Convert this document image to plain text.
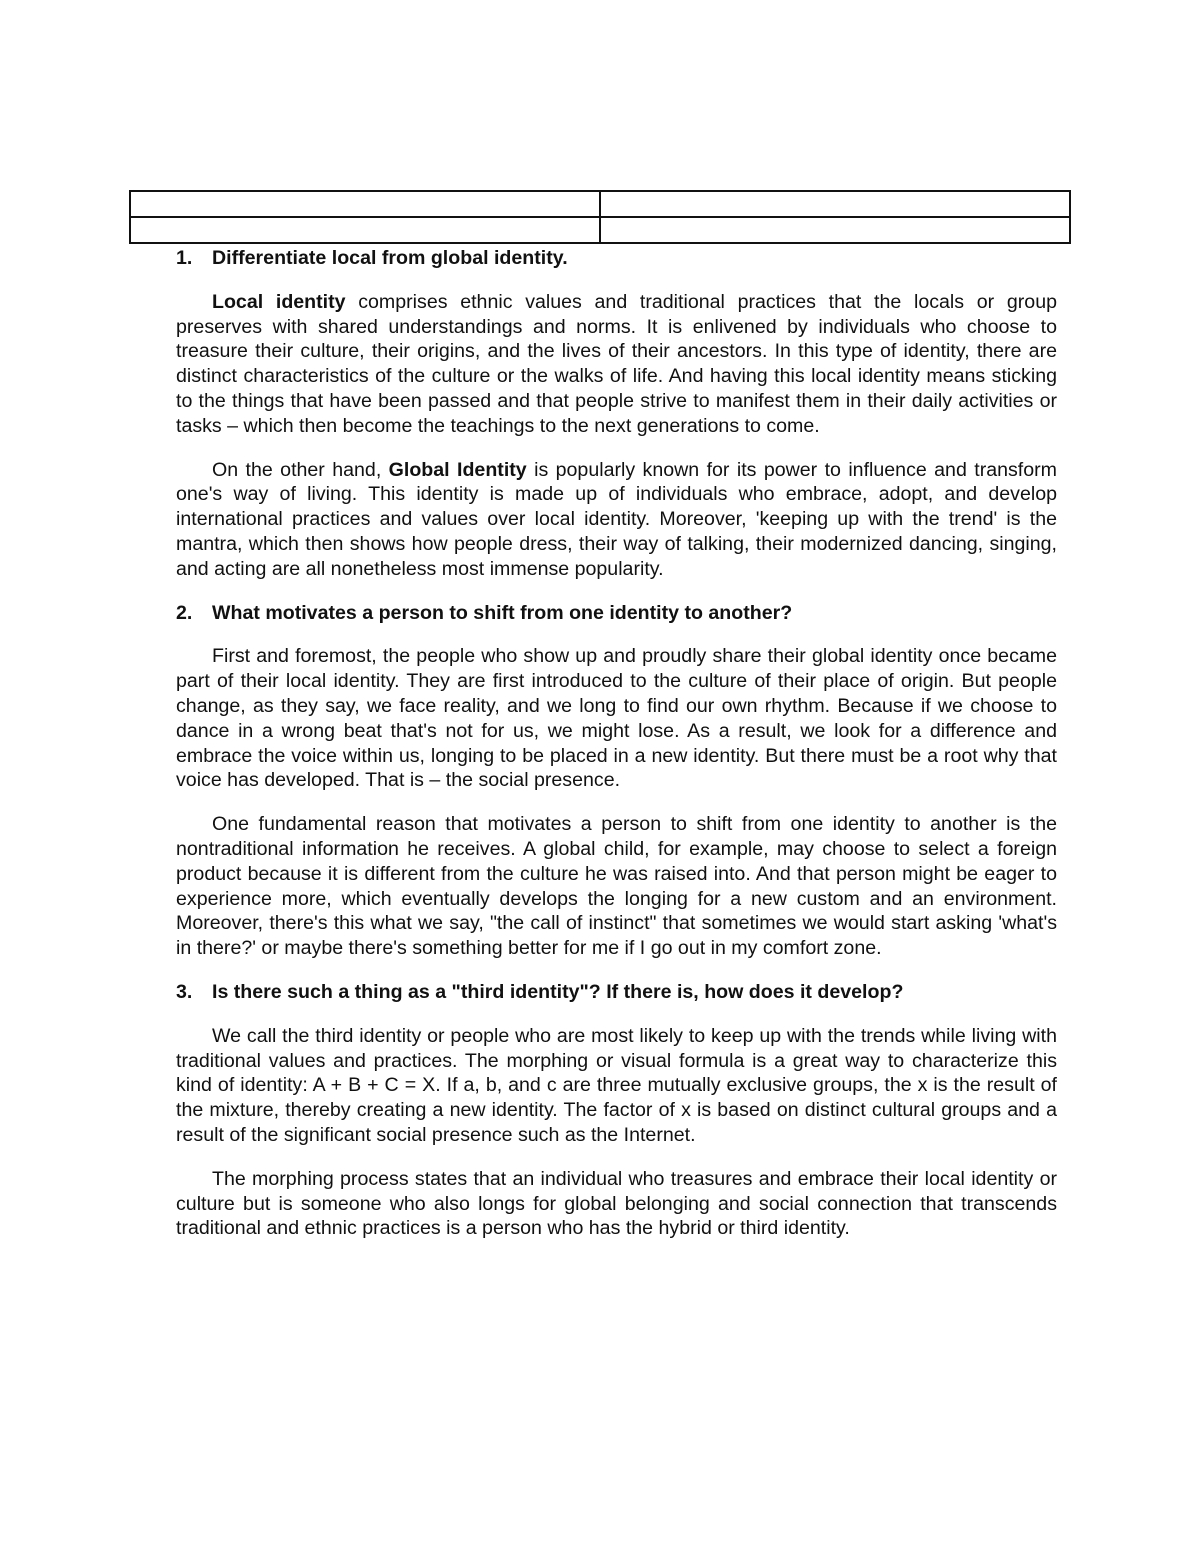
1.	Differentiate local from global identity.

Local identity comprises ethnic values and traditional practices that the locals or group preserves with shared understandings and norms. It is enlivened by individuals who choose to treasure their culture, their origins, and the lives of their ancestors. In this type of identity, there are distinct characteristics of the culture or the walks of life. And having this local identity means sticking to the things that have been passed and that people strive to manifest them in their daily activities or tasks – which then become the teachings to the next generations to come.

On the other hand, Global Identity is popularly known for its power to influence and transform one's way of living. This identity is made up of individuals who embrace, adopt, and develop international practices and values over local identity. Moreover, 'keeping up with the trend' is the mantra, which then shows how people dress, their way of talking, their modernized dancing, singing, and acting are all nonetheless most immense popularity.

2.	What motivates a person to shift from one identity to another?

First and foremost, the people who show up and proudly share their global identity once became part of their local identity. They are first introduced to the culture of their place of origin. But people change, as they say, we face reality, and we long to find our own rhythm. Because if we choose to dance in a wrong beat that's not for us, we might lose. As a result, we look for a difference and embrace the voice within us, longing to be placed in a new identity. But there must be a root why that voice has developed. That is – the social presence.

One fundamental reason that motivates a person to shift from one identity to another is the nontraditional information he receives. A global child, for example, may choose to select a foreign product because it is different from the culture he was raised into. And that person might be eager to experience more, which eventually develops the longing for a new custom and an environment. Moreover, there's this what we say, "the call of instinct" that sometimes we would start asking 'what's in there?' or maybe there's something better for me if I go out in my comfort zone.

3.	Is there such a thing as a "third identity"? If there is, how does it develop?

We call the third identity or people who are most likely to keep up with the trends while living with traditional values and practices. The morphing or visual formula is a great way to characterize this kind of identity: A + B + C = X. If a, b, and c are three mutually exclusive groups, the x is the result of the mixture, thereby creating a new identity. The factor of x is based on distinct cultural groups and a result of the significant social presence such as the Internet.

The morphing process states that an individual who treasures and embrace their local identity or culture but is someone who also longs for global belonging and social connection that transcends traditional and ethnic practices is a person who has the hybrid or third identity.
